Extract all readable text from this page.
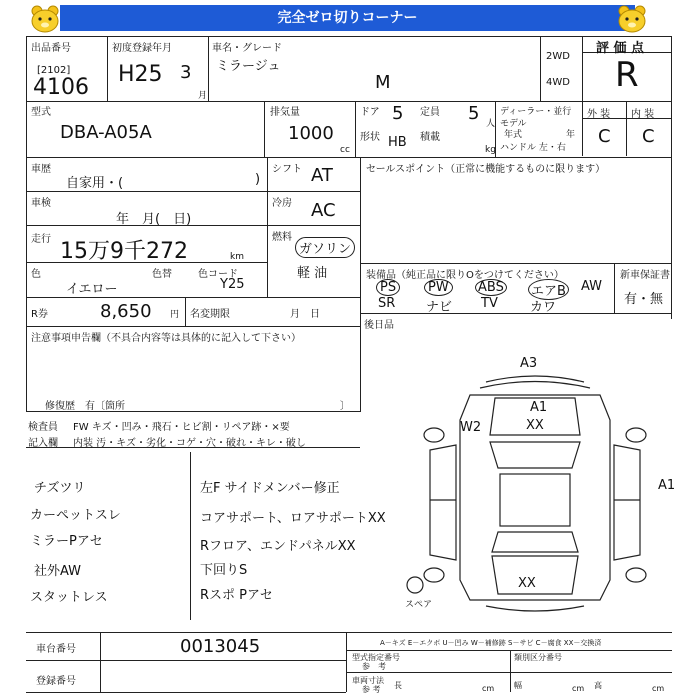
完全ゼロ切りコーナー
出品番号
[2102]
4106
初度登録年月
H25 3
月
車名・グレード
ミラージュ
M
2WD
4WD
評 価 点
R
型式
DBA-A05A
排気量
1000
cc
ドア 5 定員 5 人
形状 HB 積載
kg
ディーラー・並行
モデル
年式	年
ハンドル 左・右
外 装 内 装
C C
車歴
自家用・(	)
シフト AT	セールスポイント（正常に機能するものに限ります）
車検
年　月(　日)
冷房 AC
走行 15万9千272	km
燃料
ガソリン
軽 油
色
イエロー
色替	色コード
Y25
装備品（純正品に限りOをつけてください）	新車保証書
有・無
PS	PW	ABS エアB AW
SR ナビ TV カワ
R券	8,650 円 名変期限	月　日
後日品
注意事項申告欄（不具合内容等は具体的に記入して下さい）
修復歴　有〔箇所	〕
検査員 FW キズ・凹み・飛石・ヒビ割・リペア跡・×要
記入欄 内装 汚・キズ・劣化・コゲ・穴・破れ・キレ・破し
チズツリ
カーペットスレ
ミラーPアセ
社外AW
スタットレス
左F サイドメンバー修正
コアサポート、ロアサポートXX
Rフロア、エンドパネルXX
下回りS
Rスポ Pアセ
A3
A1
XX
W2
A1
XX
スペア
車台番号	0013045
登録番号
A－キズ E－エクボ U－凹み W－補修跡 S－サビ C－腐食 XX－交換済
型式指定番号
参　考
類別区分番号
車両寸法
参 考 長	cm 幅	cm 高	cm
